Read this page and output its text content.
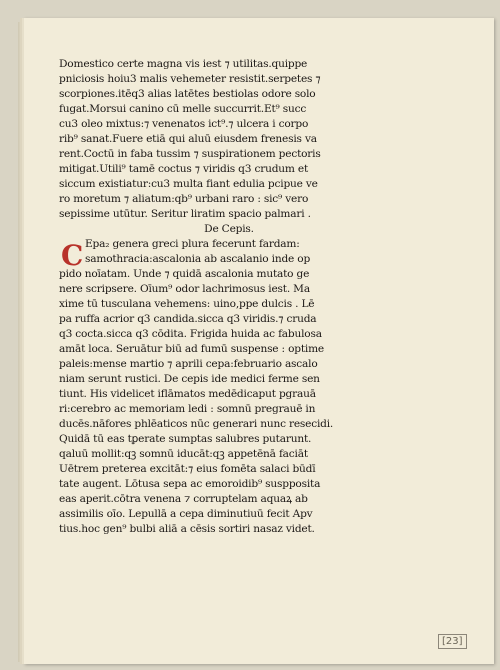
Domestico certe magna vis iest ⁊ utilitas.quippe
pniciosis hoiu3 malis vehemeter resistit.serpetes ⁊
scorpiones.itēq3 alias latētes bestiolas odore solo
fugat.Morsui canino cū melle succurrit.Et⁹ succ
cu3 oleo mixtus:⁊ venenatos ict⁹.⁊ ulcera i corpo
rib⁹ sanat.Fuere etiā qui aluū eiusdem frenesis va
rent.Coctū in faba tussim ⁊ suspirationem pectoris
mitigat.Utili⁹ tamē coctus ⁊ viridis q3 crudum et
siccum existiatur:cu3 multa fiant edulia pcipue ve
ro moretum ⁊ aliatum:qb⁹ urbani raro : sic⁹ vero
sepissime utūtur. Seritur liratim spacio palmari .
De Cepis.
Epa₂ genera greci plura fecerunt fardam:
samothracia:ascalonia ab ascalanio inde op
pido noīatam. Unde ⁊ quidā ascalonia mutato ge
nere scripsere. Oīum⁹ odor lachrimosus iest. Ma
xime tū tusculana vehemens: uino,ppe dulcis . Lē
pa ruffa acrior q3 candida.sicca q3 viridis.⁊ cruda
q3 cocta.sicca q3 cōdita. Frigida huida ac fabulosa
amāt loca. Seruātur biū ad fumū suspense : optime
paleis:mense martio ⁊ aprili cepa:februario ascalo
niam serunt rustici. De cepis ide medici ferme sen
tiunt. His videlicet iflāmatos medēdicaput pgrauā
ri:cerebro ac memoriam ledi : somnū pregrauē in
ducēs.nāfores phlēaticos nūc generari nunc resecidi.
Quidā tū eas tꝑerate sumptas salubres putarunt.
qaluū mollit:qꝫ somnū iducāt:qꝫ appetēnā faciāt
Uētrem preterea excitāt:⁊ eius fomēta salaci būdī
tate augent. Lōtusa sepa ac emoroidib⁹ suspposita
eas aperit.cōtra venena ⁊ corruptelam aquaꝝ ab
assimilis oīo. Lepullā a cepa diminutiuū fecit Apv
tius.hoc gen⁹ bulbi aliā a cēsis sortiri nasaz videt.
C
[23]
